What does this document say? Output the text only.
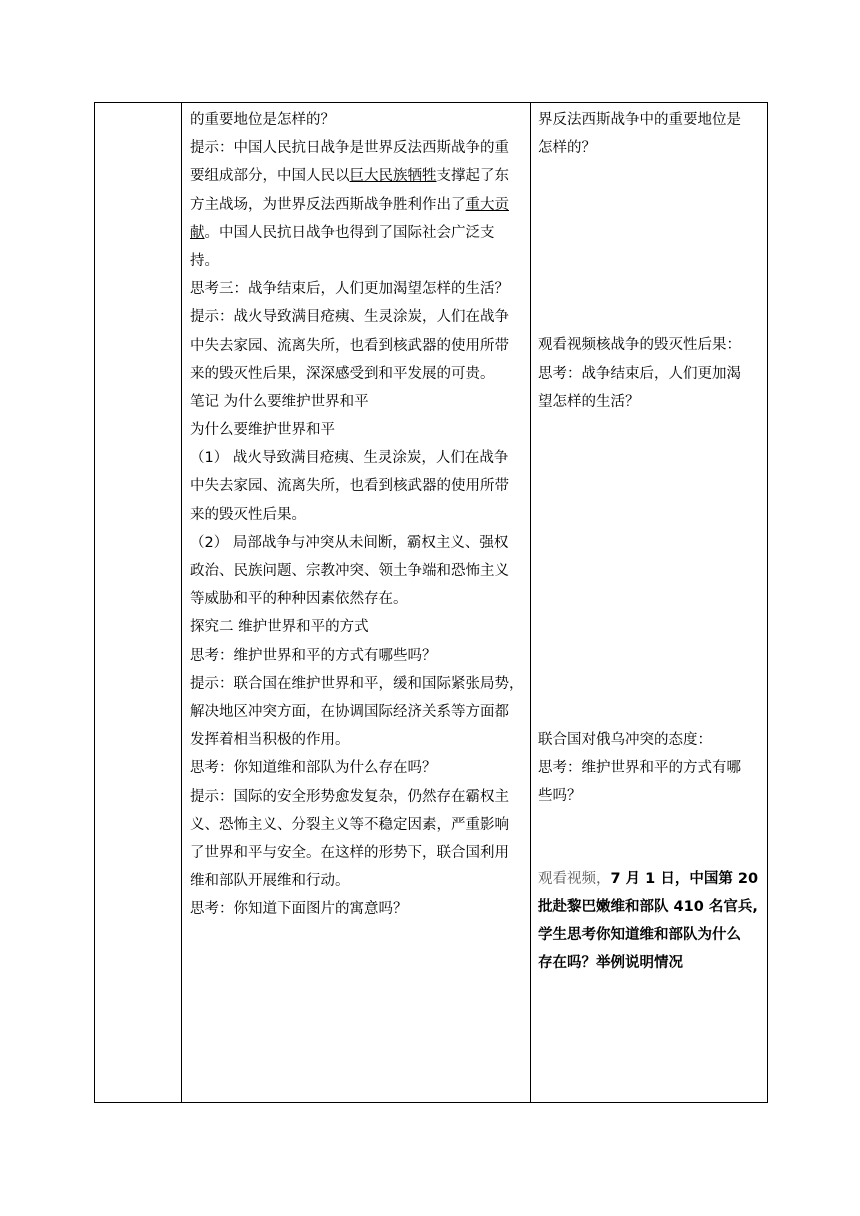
的重要地位是怎样的？
提示：中国人民抗日战争是世界反法西斯战争的重
要组成部分，中国人民以巨大民族牺牲支撑起了东
方主战场，为世界反法西斯战争胜利作出了重大贡
献。中国人民抗日战争也得到了国际社会广泛支
持。
思考三：战争结束后，人们更加渴望怎样的生活？
提示：战火导致满目疮痍、生灵涂炭，人们在战争
中失去家园、流离失所，也看到核武器的使用所带
来的毁灭性后果，深深感受到和平发展的可贵。
笔记 为什么要维护世界和平
为什么要维护世界和平
（1） 战火导致满目疮痍、生灵涂炭，人们在战争
中失去家园、流离失所，也看到核武器的使用所带
来的毁灭性后果。
（2） 局部战争与冲突从未间断，霸权主义、强权
政治、民族问题、宗教冲突、领土争端和恐怖主义
等威胁和平的种种因素依然存在。
探究二 维护世界和平的方式
思考：维护世界和平的方式有哪些吗？
提示：联合国在维护世界和平，缓和国际紧张局势，
解决地区冲突方面，在协调国际经济关系等方面都
发挥着相当积极的作用。
思考：你知道维和部队为什么存在吗？
提示：国际的安全形势愈发复杂，仍然存在霸权主
义、恐怖主义、分裂主义等不稳定因素，严重影响
了世界和平与安全。在这样的形势下，联合国利用
维和部队开展维和行动。
思考：你知道下面图片的寓意吗？

界反法西斯战争中的重要地位是
怎样的？
观看视频核战争的毁灭性后果：
思考：战争结束后，人们更加渴
望怎样的生活？
联合国对俄乌冲突的态度：
思考：维护世界和平的方式有哪
些吗？
观看视频，7 月 1 日，中国第 20
批赴黎巴嫩维和部队 410 名官兵,
学生思考你知道维和部队为什么
存在吗？举例说明情况
